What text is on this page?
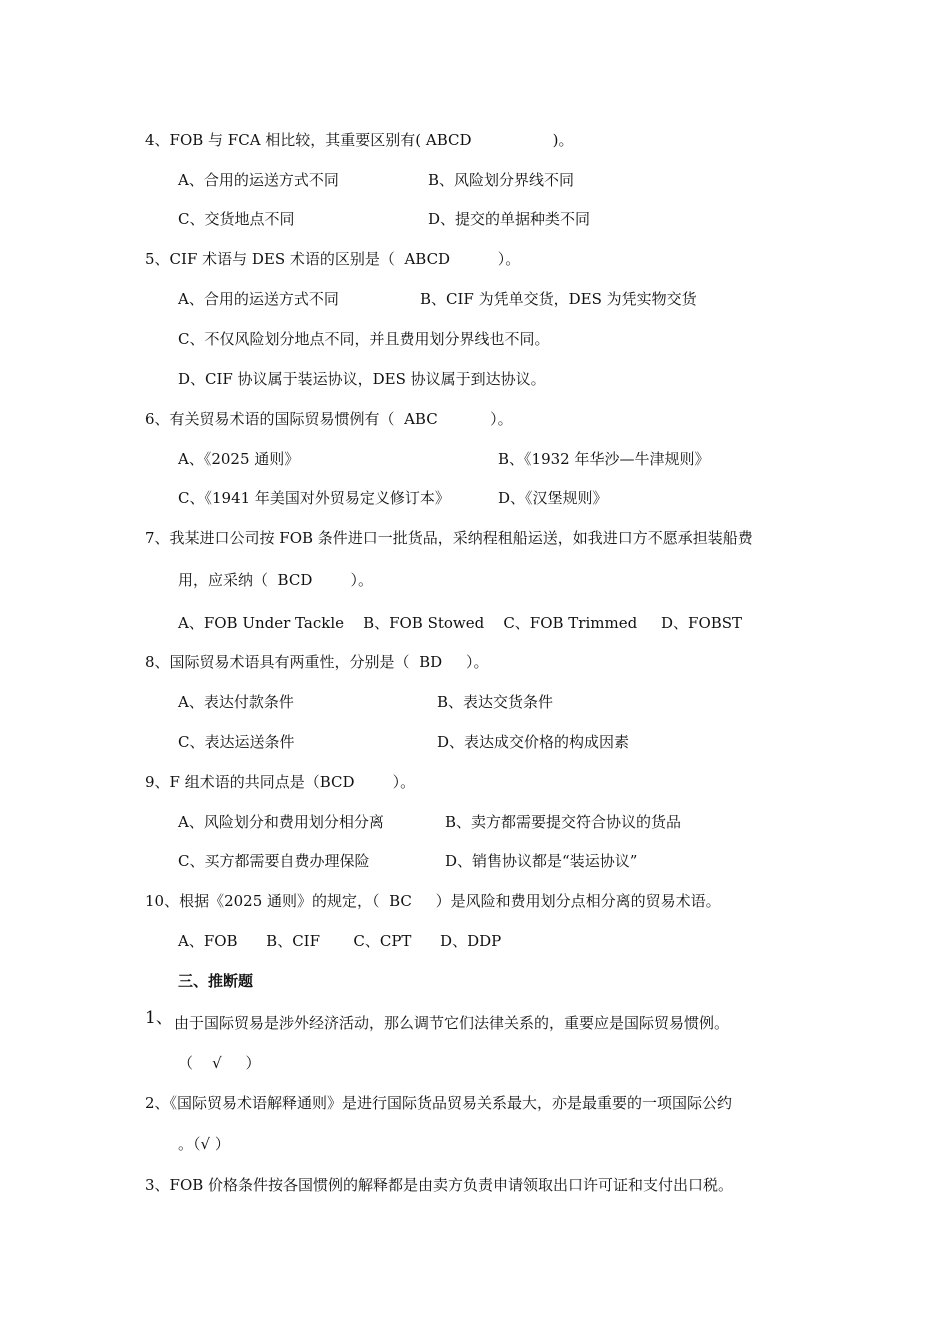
4、FOB 与 FCA 相比较，其重要区别有( ABCD                 )。
A、合用的运送方式不同	B、风险划分界线不同
C、交货地点不同	D、提交的单据种类不同
5、CIF 术语与 DES 术语的区别是（  ABCD          ）。
A、合用的运送方式不同	B、CIF 为凭单交货，DES 为凭实物交货
C、不仅风险划分地点不同，并且费用划分界线也不同。
D、CIF 协议属于装运协议，DES 协议属于到达协议。
6、有关贸易术语的国际贸易惯例有（  ABC           ）。
A、《2025 通则》	B、《1932 年华沙—牛津规则》
C、《1941 年美国对外贸易定义修订本》	D、《汉堡规则》
7、我某进口公司按 FOB 条件进口一批货品，采纳程租船运送，如我进口方不愿承担装船费
用，应采纳（  BCD        ）。
A、FOB Under Tackle    B、FOB Stowed    C、FOB Trimmed     D、FOBST
8、国际贸易术语具有两重性，分别是（  BD     ）。
A、表达付款条件	B、表达交货条件
C、表达运送条件	D、表达成交价格的构成因素
9、F 组术语的共同点是（BCD        ）。
A、风险划分和费用划分相分离	B、卖方都需要提交符合协议的货品
C、买方都需要自费办理保险	D、销售协议都是“装运协议”
10、根据《2025 通则》的规定，（  BC     ）是风险和费用划分点相分离的贸易术语。
A、FOB      B、CIF       C、CPT      D、DDP
三、推断题
1、 由于国际贸易是涉外经济活动，那么调节它们法律关系的，重要应是国际贸易惯例。
（    √     ）
2、《国际贸易术语解释通则》是进行国际货品贸易关系最大，亦是最重要的一项国际公约
。（√ ）
3、FOB 价格条件按各国惯例的解释都是由卖方负责申请领取出口许可证和支付出口税。
